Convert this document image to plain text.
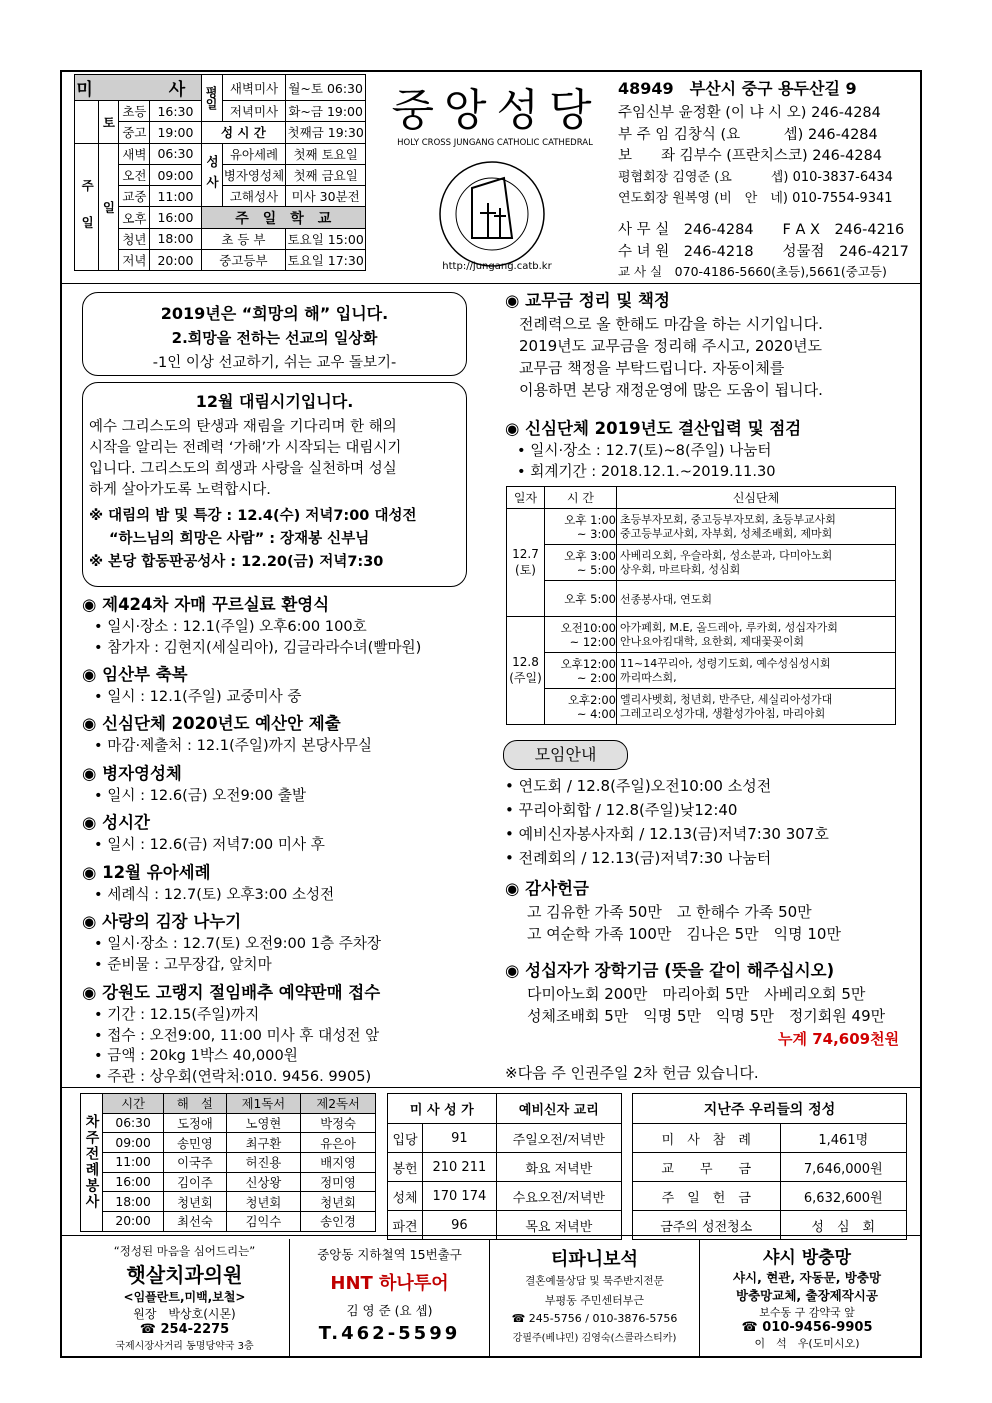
미　　사				평일	새벽미사	월~토 06:30
	토	초등	16:30		저녁미사	화~금 19:00
		중고	19:00	성 시 간		첫째금 19:30
주　일	일	새벽	06:30	성사	유아세례	첫째 토요일
		오전	09:00		병자영성체	첫째 금요일
		교중	11:00		고해성사	미사 30분전
		오후	16:00	주　일　학　교		
		청년	18:00	초 등 부		토요일 15:00
		저녁	20:00	중고등부		토요일 17:30
중앙성당
HOLY CROSS JUNGANG CATHOLIC CATHEDRAL
http://jungang.catb.kr
48949　부산시 중구 용두산길 9
주임신부 윤정환 (이 냐 시 오) 246-4284
부 주 임 김창식 (요　　　셉) 246-4284
보　　좌 김부수 (프란치스코) 246-4284
평협회장 김영준 (요　　　셉) 010-3837-6434
연도회장 원복영 (비　안　네) 010-7554-9341
사 무 실　246-4284　　F A X　246-4216
수 녀 원　246-4218　　성물점　246-4217
교 사 실　070-4186-5660(초등),5661(중고등)
2019년은 “희망의 해” 입니다.
2.희망을 전하는 선교의 일상화
-1인 이상 선교하기, 쉬는 교우 돌보기-
12월 대림시기입니다.
예수 그리스도의 탄생과 재림을 기다리며 한 해의
시작을 알리는 전례력 ‘가해’가 시작되는 대림시기
입니다. 그리스도의 희생과 사랑을 실천하며 성실
하게 살아가도록 노력합시다.
※ 대림의 밤 및 특강 : 12.4(수) 저녁7:00 대성전
“하느님의 희망은 사람” : 장재봉 신부님
※ 본당 합동판공성사 : 12.20(금) 저녁7:30
◉ 제424차 자매 꾸르실료 환영식
• 일시·장소 : 12.1(주일) 오후6:00 100호
• 참가자 : 김현지(세실리아), 김글라라수녀(빨마원)
◉ 임산부 축복
• 일시 : 12.1(주일) 교중미사 중
◉ 신심단체 2020년도 예산안 제출
• 마감·제출처 : 12.1(주일)까지 본당사무실
◉ 병자영성체
• 일시 : 12.6(금) 오전9:00 출발
◉ 성시간
• 일시 : 12.6(금) 저녁7:00 미사 후
◉ 12월 유아세례
• 세례식 : 12.7(토) 오후3:00 소성전
◉ 사랑의 김장 나누기
• 일시·장소 : 12.7(토) 오전9:00 1층 주차장
• 준비물 : 고무장갑, 앞치마
◉ 강원도 고랭지 절임배추 예약판매 접수
• 기간 : 12.15(주일)까지
• 접수 : 오전9:00, 11:00 미사 후 대성전 앞
• 금액 : 20kg 1박스 40,000원
• 주관 : 상우회(연락처:010. 9456. 9905)
◉ 교무금 정리 및 책정
전례력으로 올 한해도 마감을 하는 시기입니다.
2019년도 교무금을 정리해 주시고, 2020년도
교무금 책정을 부탁드립니다. 자동이체를
이용하면 본당 재정운영에 많은 도움이 됩니다.
◉ 신심단체 2019년도 결산입력 및 점검
• 일시·장소 : 12.7(토)~8(주일) 나눔터
• 회계기간 : 2018.12.1.~2019.11.30
일자	시 간	신심단체
12.7
(토)	오후 1:00
~ 3:00	초등부자모회, 중고등부자모회, 초등부교사회
중고등부교사회, 자부회, 성체조배회, 제마회
	오후 3:00
~ 5:00	사베리오회, 우슬라회, 성소분과, 다미아노회
상우회, 마르타회, 성심회
	오후 5:00	선종봉사대, 연도회
12.8
(주일)	오전10:00
~ 12:00	아가페회, M.E, 올드레아, 루카회, 성십자가회
안나요아킴대학, 요한회, 제대꽃꽂이회
	오후12:00
~ 2:00	11~14꾸리아, 성령기도회, 예수성심성시회
까리따스회,
	오후2:00
~ 4:00	엘리사벳회, 청년회, 반주단, 세실리아성가대
그레고리오성가대, 생활성가아침, 마리아회
모임안내
• 연도회 / 12.8(주일)오전10:00 소성전
• 꾸리아회합 / 12.8(주일)낮12:40
• 예비신자봉사자회 / 12.13(금)저녁7:30 307호
• 전례회의 / 12.13(금)저녁7:30 나눔터
◉ 감사헌금
고 김유한 가족 50만　고 한해수 가족 50만
고 여순학 가족 100만　김나은 5만　익명 10만
◉ 성십자가 장학기금 (뜻을 같이 해주십시오)
다미아노회 200만　마리아회 5만　사베리오회 5만
성체조배회 5만　익명 5만　익명 5만　정기회원 49만
누계 74,609천원
※다음 주 인권주일 2차 헌금 있습니다.
차주전례봉사	시간	해　설	제1독서	제2독서
	06:30	도정애	노영현	박정숙
	09:00	송민영	최구환	유은아
	11:00	이국주	허진용	배지영
	16:00	김이주	신상왕	정미영
	18:00	청년회	청년회	청년회
	20:00	최선숙	김익수	송인경
미 사 성 가		예비신자 교리
입당	91	주일오전/저녁반
봉헌	210 211	화요 저녁반
성체	170 174	수요오전/저녁반
파견	96	목요 저녁반
지난주 우리들의 정성	
미　사　참　례	1,461명
교　　무　　금	7,646,000원
주　일　헌　금	6,632,600원
금주의 성전청소	성　심　회
“정성된 마음을 심어드리는”
햇살치과의원
<임플란트,미백,보철>
원장　박상호(시몬)
☎ 254-2275
국제시장사거리 동명당약국 3층
중앙동 지하철역 15번출구
HNT 하나투어
김 영 준 (요 셉)
T.462-5599
티파니보석
결혼예물상담 및 묵주반지전문
부평동 주민센터부근
☎ 245-5756 / 010-3876-5756
강필주(베냐민) 김영숙(스콜라스티카)
샤시 방충망
샤시, 현관, 자동문, 방충망
방충망교체, 출장제작시공
보수동 구 감약국 앞
☎ 010-9456-9905
이　석　우(도미시오)
